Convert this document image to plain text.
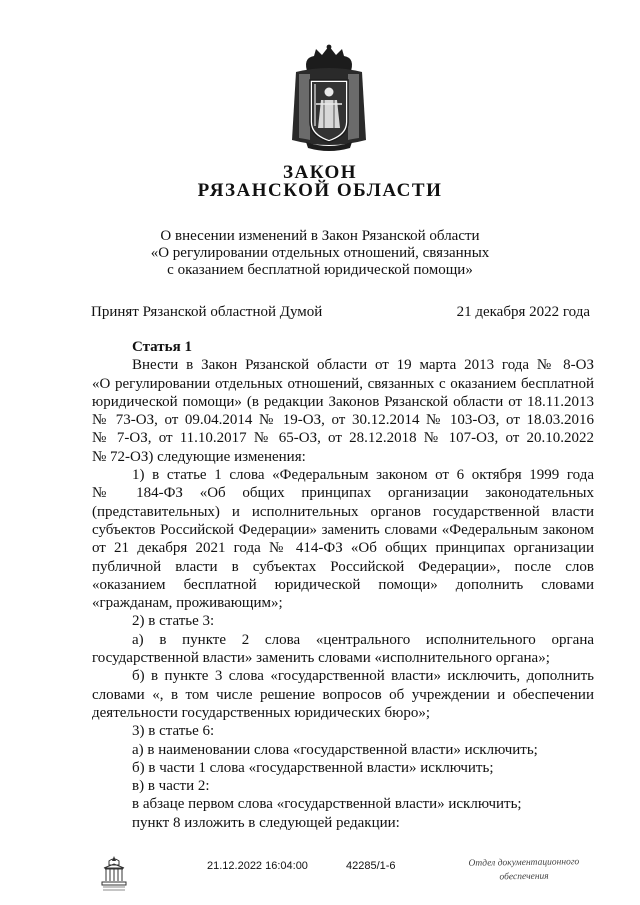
ЗАКОН
РЯЗАНСКОЙ ОБЛАСТИ
О внесении изменений в Закон Рязанской области
«О регулировании отдельных отношений, связанных
с оказанием бесплатной юридической помощи»
Принят Рязанской областной Думой	21 декабря 2022 года

Статья 1

Внести в Закон Рязанской области от 19 марта 2013 года № 8-ОЗ

«О регулировании отдельных отношений, связанных с оказанием бесплатной

юридической помощи» (в редакции Законов Рязанской области от 18.11.2013

№ 73-ОЗ, от 09.04.2014 № 19-ОЗ, от 30.12.2014 № 103-ОЗ, от 18.03.2016

№ 7-ОЗ, от 11.10.2017 № 65-ОЗ, от 28.12.2018 № 107-ОЗ, от 20.10.2022

№ 72-ОЗ) следующие изменения:

1) в статье 1 слова «Федеральным законом от 6 октября 1999 года

№ 184-ФЗ «Об общих принципах организации законодательных

(представительных) и исполнительных органов государственной власти

субъектов Российской Федерации» заменить словами «Федеральным законом

от 21 декабря 2021 года № 414-ФЗ «Об общих принципах организации

публичной власти в субъектах Российской Федерации», после слов

«оказанием бесплатной юридической помощи» дополнить словами

«гражданам, проживающим»;

2) в статье 3:

а) в пункте 2 слова «центрального исполнительного органа

государственной власти» заменить словами «исполнительного органа»;

б) в пункте 3 слова «государственной власти» исключить, дополнить

словами «, в том числе решение вопросов об учреждении и обеспечении

деятельности государственных юридических бюро»;

3) в статье 6:

а) в наименовании слова «государственной власти» исключить;

б) в части 1 слова «государственной власти» исключить;

в) в части 2:

в абзаце первом слова «государственной власти» исключить;

пункт 8 изложить в следующей редакции:

21.12.2022 16:04:00	42285/1-6	Отдел документационного
обеспечения
